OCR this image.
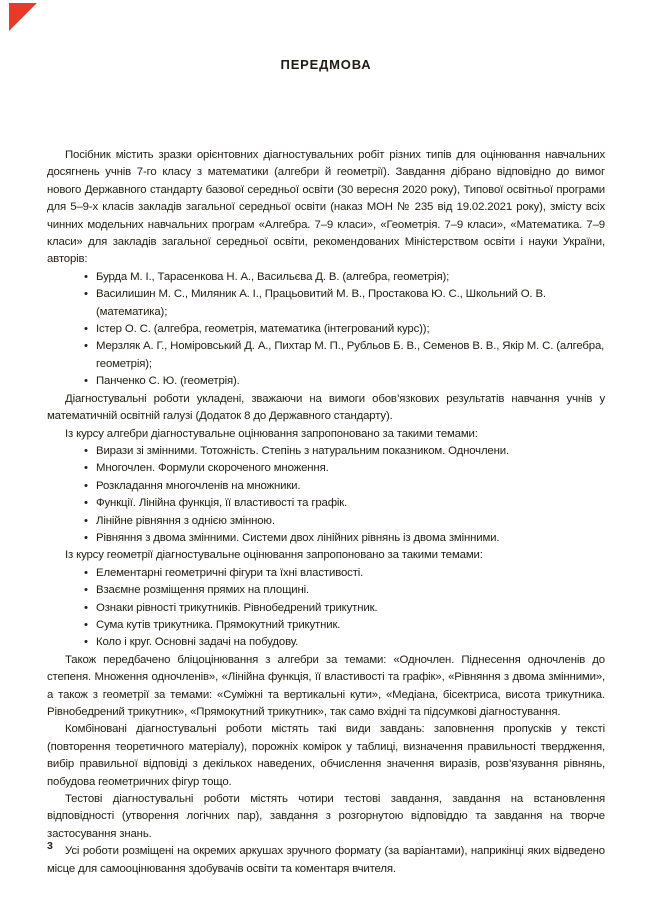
ПЕРЕДМОВА

Посібник містить зразки орієнтовних діагностувальних робіт різних типів для оцінювання навчальних досягнень учнів 7-го класу з математики (алгебри й геометрії). Завдання дібрано відповідно до вимог нового Державного стандарту базової середньої освіти (30 вересня 2020 року), Типової освітньої програми для 5–9-х класів закладів загальної середньої освіти (наказ МОН № 235 від 19.02.2021 року), змісту всіх чинних модельних навчальних програм «Алгебра. 7–9 класи», «Геометрія. 7–9 класи», «Математика. 7–9 класи» для закладів загальної середньої освіти, рекомендованих Міністерством освіти і науки України, авторів:

• Бурда М. І., Тарасенкова Н. А., Васильєва Д. В. (алгебра, геометрія);
• Василишин М. С., Миляник А. І., Працьовитий М. В., Простакова Ю. С., Школьний О. В. (математика);
• Істер О. С. (алгебра, геометрія, математика (інтегрований курс));
• Мерзляк А. Г., Номіровський Д. А., Пихтар М. П., Рубльов Б. В., Семенов В. В., Якір М. С. (алгебра, геометрія);
• Панченко С. Ю. (геометрія).

Діагностувальні роботи укладені, зважаючи на вимоги обов’язкових результатів навчання учнів у математичній освітній галузі (Додаток 8 до Державного стандарту).

Із курсу алгебри діагностувальне оцінювання запропоновано за такими темами:

• Вирази зі змінними. Тотожність. Степінь з натуральним показником. Одночлени.
• Многочлен. Формули скороченого множення.
• Розкладання многочленів на множники.
• Функції. Лінійна функція, її властивості та графік.
• Лінійне рівняння з однією змінною.
• Рівняння з двома змінними. Системи двох лінійних рівнянь із двома змінними.

Із курсу геометрії діагностувальне оцінювання запропоновано за такими темами:

• Елементарні геометричні фігури та їхні властивості.
• Взаємне розміщення прямих на площині.
• Ознаки рівності трикутників. Рівнобедрений трикутник.
• Сума кутів трикутника. Прямокутний трикутник.
• Коло і круг. Основні задачі на побудову.

Також передбачено бліцоцінювання з алгебри за темами: «Одночлен. Піднесення одночленів до степеня. Множення одночленів», «Лінійна функція, її властивості та графік», «Рівняння з двома змінними», а також з геометрії за темами: «Суміжні та вертикальні кути», «Медіана, бісектриса, висота трикутника. Рівнобедрений трикутник», «Прямокутний трикутник», так само вхідні та підсумкові діагностування.

Комбіновані діагностувальні роботи містять такі види завдань: заповнення пропусків у тексті (повторення теоретичного матеріалу), порожніх комірок у таблиці, визначення правильності твердження, вибір правильної відповіді з декількох наведених, обчислення значення виразів, розв’язування рівнянь, побудова геометричних фігур тощо.

Тестові діагностувальні роботи містять чотири тестові завдання, завдання на встановлення відповідності (утворення логічних пар), завдання з розгорнутою відповіддю та завдання на творче застосування знань.

Усі роботи розміщені на окремих аркушах зручного формату (за варіантами), наприкінці яких відведено місце для самооцінювання здобувачів освіти та коментаря вчителя.

3
